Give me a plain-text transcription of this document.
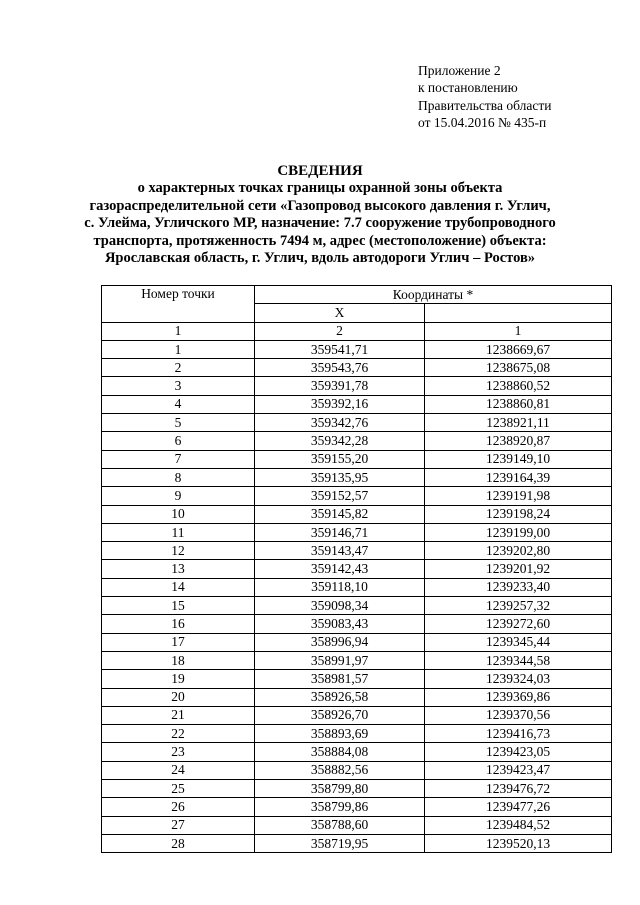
Приложение 2
к постановлению
Правительства области
от 15.04.2016 № 435-п
СВЕДЕНИЯ
о характерных точках границы охранной зоны объекта
газораспределительной сети «Газопровод высокого давления г. Углич,
с. Улейма, Угличского МР, назначение: 7.7 сооружение трубопроводного
транспорта, протяженность 7494 м, адрес (местоположение) объекта:
Ярославская область, г. Углич, вдоль автодороги Углич – Ростов»
Номер точки	Координаты *	
	X	
1	2	1
1	359541,71	1238669,67
2	359543,76	1238675,08
3	359391,78	1238860,52
4	359392,16	1238860,81
5	359342,76	1238921,11
6	359342,28	1238920,87
7	359155,20	1239149,10
8	359135,95	1239164,39
9	359152,57	1239191,98
10	359145,82	1239198,24
11	359146,71	1239199,00
12	359143,47	1239202,80
13	359142,43	1239201,92
14	359118,10	1239233,40
15	359098,34	1239257,32
16	359083,43	1239272,60
17	358996,94	1239345,44
18	358991,97	1239344,58
19	358981,57	1239324,03
20	358926,58	1239369,86
21	358926,70	1239370,56
22	358893,69	1239416,73
23	358884,08	1239423,05
24	358882,56	1239423,47
25	358799,80	1239476,72
26	358799,86	1239477,26
27	358788,60	1239484,52
28	358719,95	1239520,13
